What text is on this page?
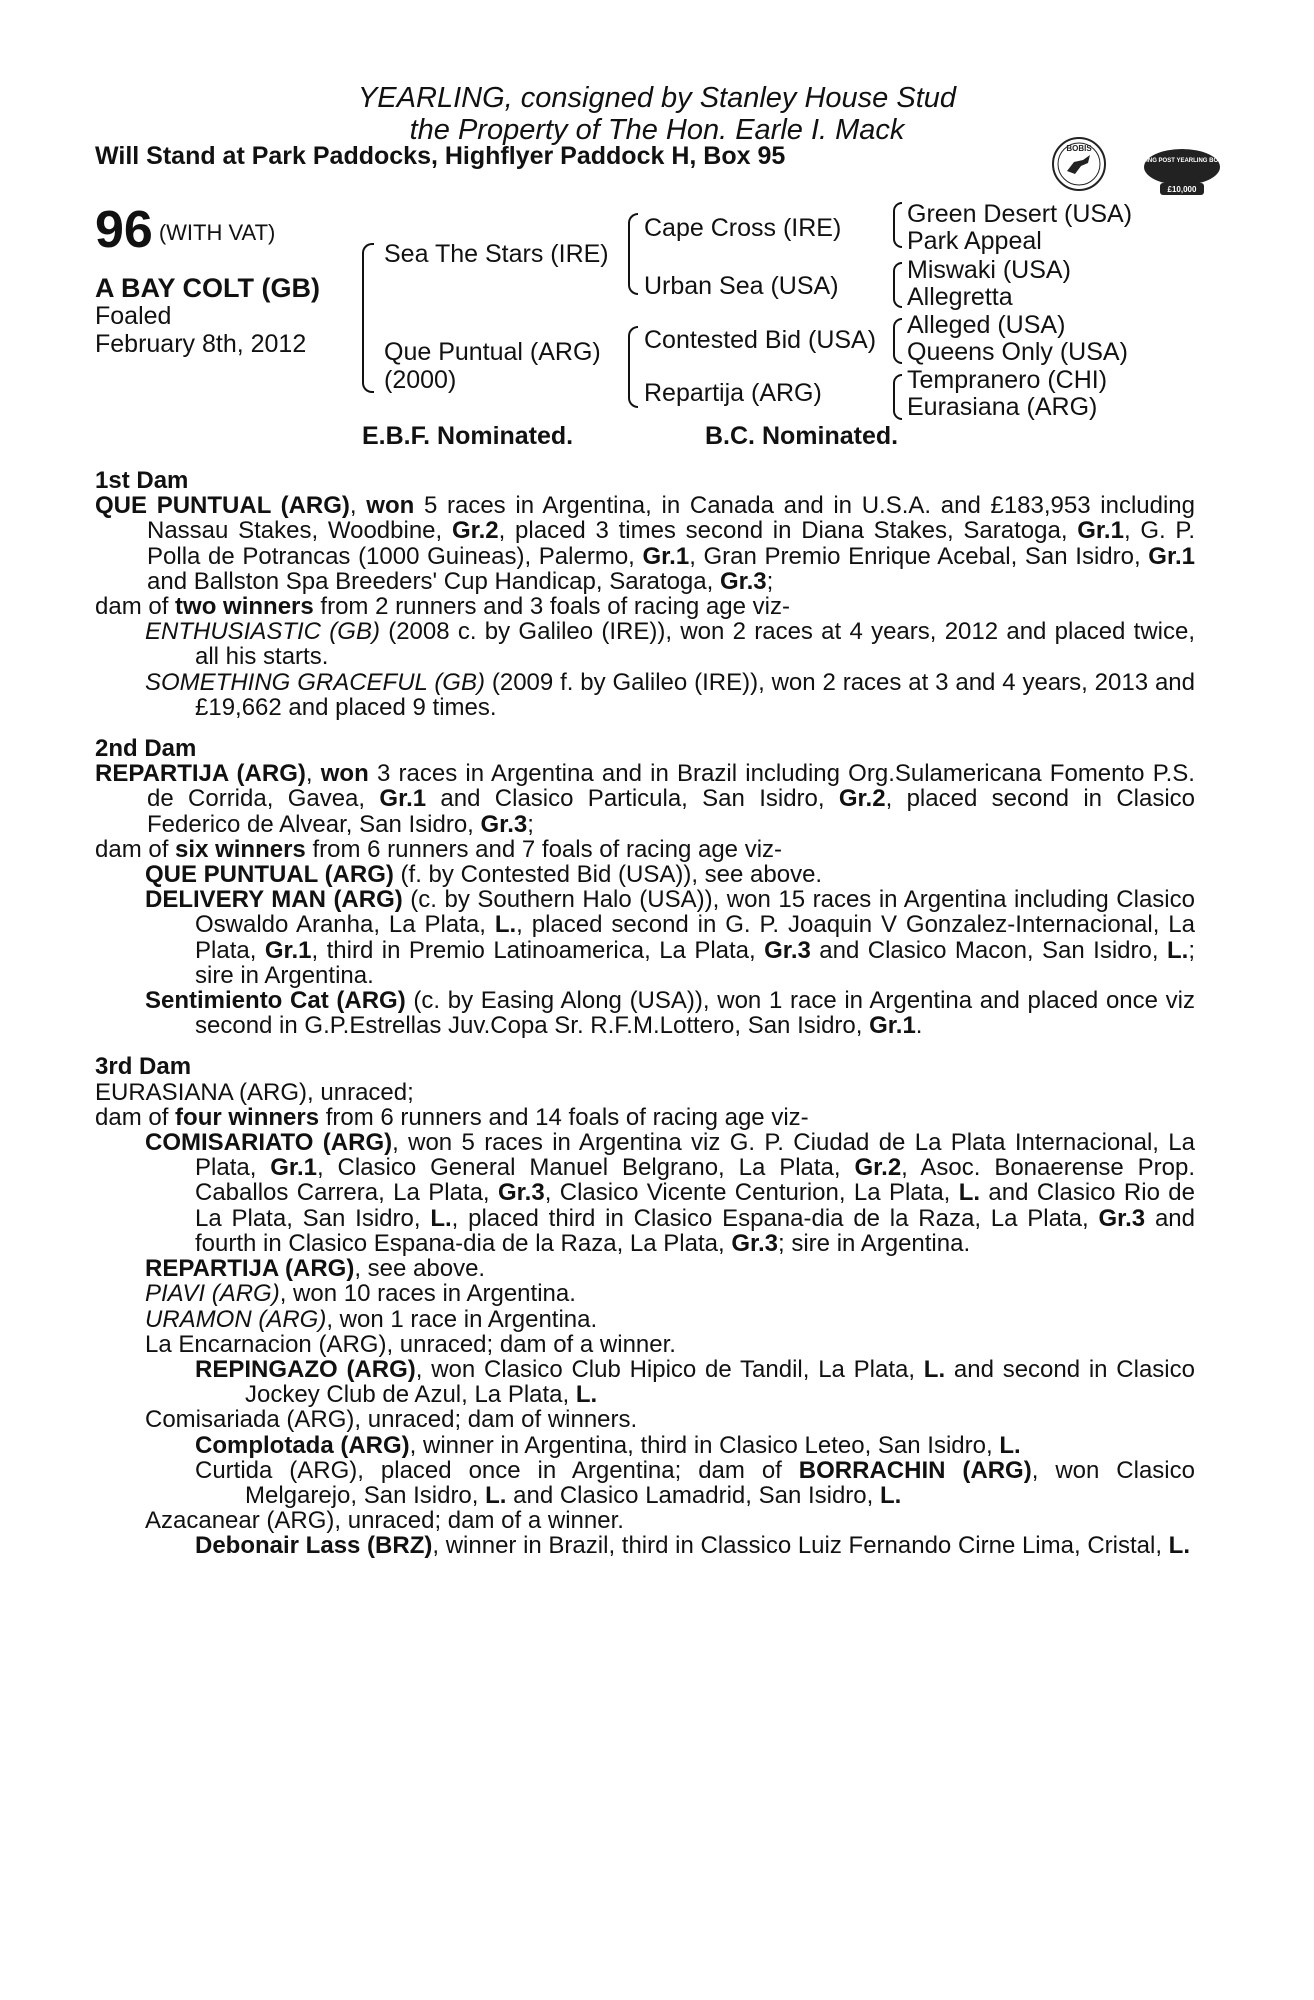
YEARLING, consigned by Stanley House Stud
the Property of The Hon. Earle I. Mack
Will Stand at Park Paddocks, Highflyer Paddock H, Box 95	BOBIS
RACING POST YEARLING BONUS
£10,000
96 (WITH VAT)
A BAY COLT (GB)
Foaled
February 8th, 2012
Sea The Stars (IRE)
Que Puntual (ARG)
(2000)
Cape Cross (IRE)
Urban Sea (USA)
Contested Bid (USA)
Repartija (ARG)
Green Desert (USA)
Park Appeal
Miswaki (USA)
Allegretta
Alleged (USA)
Queens Only (USA)
Tempranero (CHI)
Eurasiana (ARG)
E.B.F. Nominated.	B.C. Nominated.
1st Dam

QUE PUNTUAL (ARG), won 5 races in Argentina, in Canada and in U.S.A. and £183,953 including Nassau Stakes, Woodbine, Gr.2, placed 3 times second in Diana Stakes, Saratoga, Gr.1, G. P. Polla de Potrancas (1000 Guineas), Palermo, Gr.1, Gran Premio Enrique Acebal, San Isidro, Gr.1 and Ballston Spa Breeders' Cup Handicap, Saratoga, Gr.3;

dam of two winners from 2 runners and 3 foals of racing age viz-

ENTHUSIASTIC (GB) (2008 c. by Galileo (IRE)), won 2 races at 4 years, 2012 and placed twice, all his starts.

SOMETHING GRACEFUL (GB) (2009 f. by Galileo (IRE)), won 2 races at 3 and 4 years, 2013 and £19,662 and placed 9 times.

2nd Dam

REPARTIJA (ARG), won 3 races in Argentina and in Brazil including Org.Sulamericana Fomento P.S. de Corrida, Gavea, Gr.1 and Clasico Particula, San Isidro, Gr.2, placed second in Clasico Federico de Alvear, San Isidro, Gr.3;

dam of six winners from 6 runners and 7 foals of racing age viz-

QUE PUNTUAL (ARG) (f. by Contested Bid (USA)), see above.

DELIVERY MAN (ARG) (c. by Southern Halo (USA)), won 15 races in Argentina including Clasico Oswaldo Aranha, La Plata, L., placed second in G. P. Joaquin V Gonzalez-Internacional, La Plata, Gr.1, third in Premio Latinoamerica, La Plata, Gr.3 and Clasico Macon, San Isidro, L.; sire in Argentina.

Sentimiento Cat (ARG) (c. by Easing Along (USA)), won 1 race in Argentina and placed once viz second in G.P.Estrellas Juv.Copa Sr. R.F.M.Lottero, San Isidro, Gr.1.

3rd Dam

EURASIANA (ARG), unraced;

dam of four winners from 6 runners and 14 foals of racing age viz-

COMISARIATO (ARG), won 5 races in Argentina viz G. P. Ciudad de La Plata Internacional, La Plata, Gr.1, Clasico General Manuel Belgrano, La Plata, Gr.2, Asoc. Bonaerense Prop. Caballos Carrera, La Plata, Gr.3, Clasico Vicente Centurion, La Plata, L. and Clasico Rio de La Plata, San Isidro, L., placed third in Clasico Espana-dia de la Raza, La Plata, Gr.3 and fourth in Clasico Espana-dia de la Raza, La Plata, Gr.3; sire in Argentina.

REPARTIJA (ARG), see above.

PIAVI (ARG), won 10 races in Argentina.

URAMON (ARG), won 1 race in Argentina.

La Encarnacion (ARG), unraced; dam of a winner.

REPINGAZO (ARG), won Clasico Club Hipico de Tandil, La Plata, L. and second in Clasico Jockey Club de Azul, La Plata, L.

Comisariada (ARG), unraced; dam of winners.

Complotada (ARG), winner in Argentina, third in Clasico Leteo, San Isidro, L.

Curtida (ARG), placed once in Argentina; dam of BORRACHIN (ARG), won Clasico Melgarejo, San Isidro, L. and Clasico Lamadrid, San Isidro, L.

Azacanear (ARG), unraced; dam of a winner.

Debonair Lass (BRZ), winner in Brazil, third in Classico Luiz Fernando Cirne Lima, Cristal, L.
